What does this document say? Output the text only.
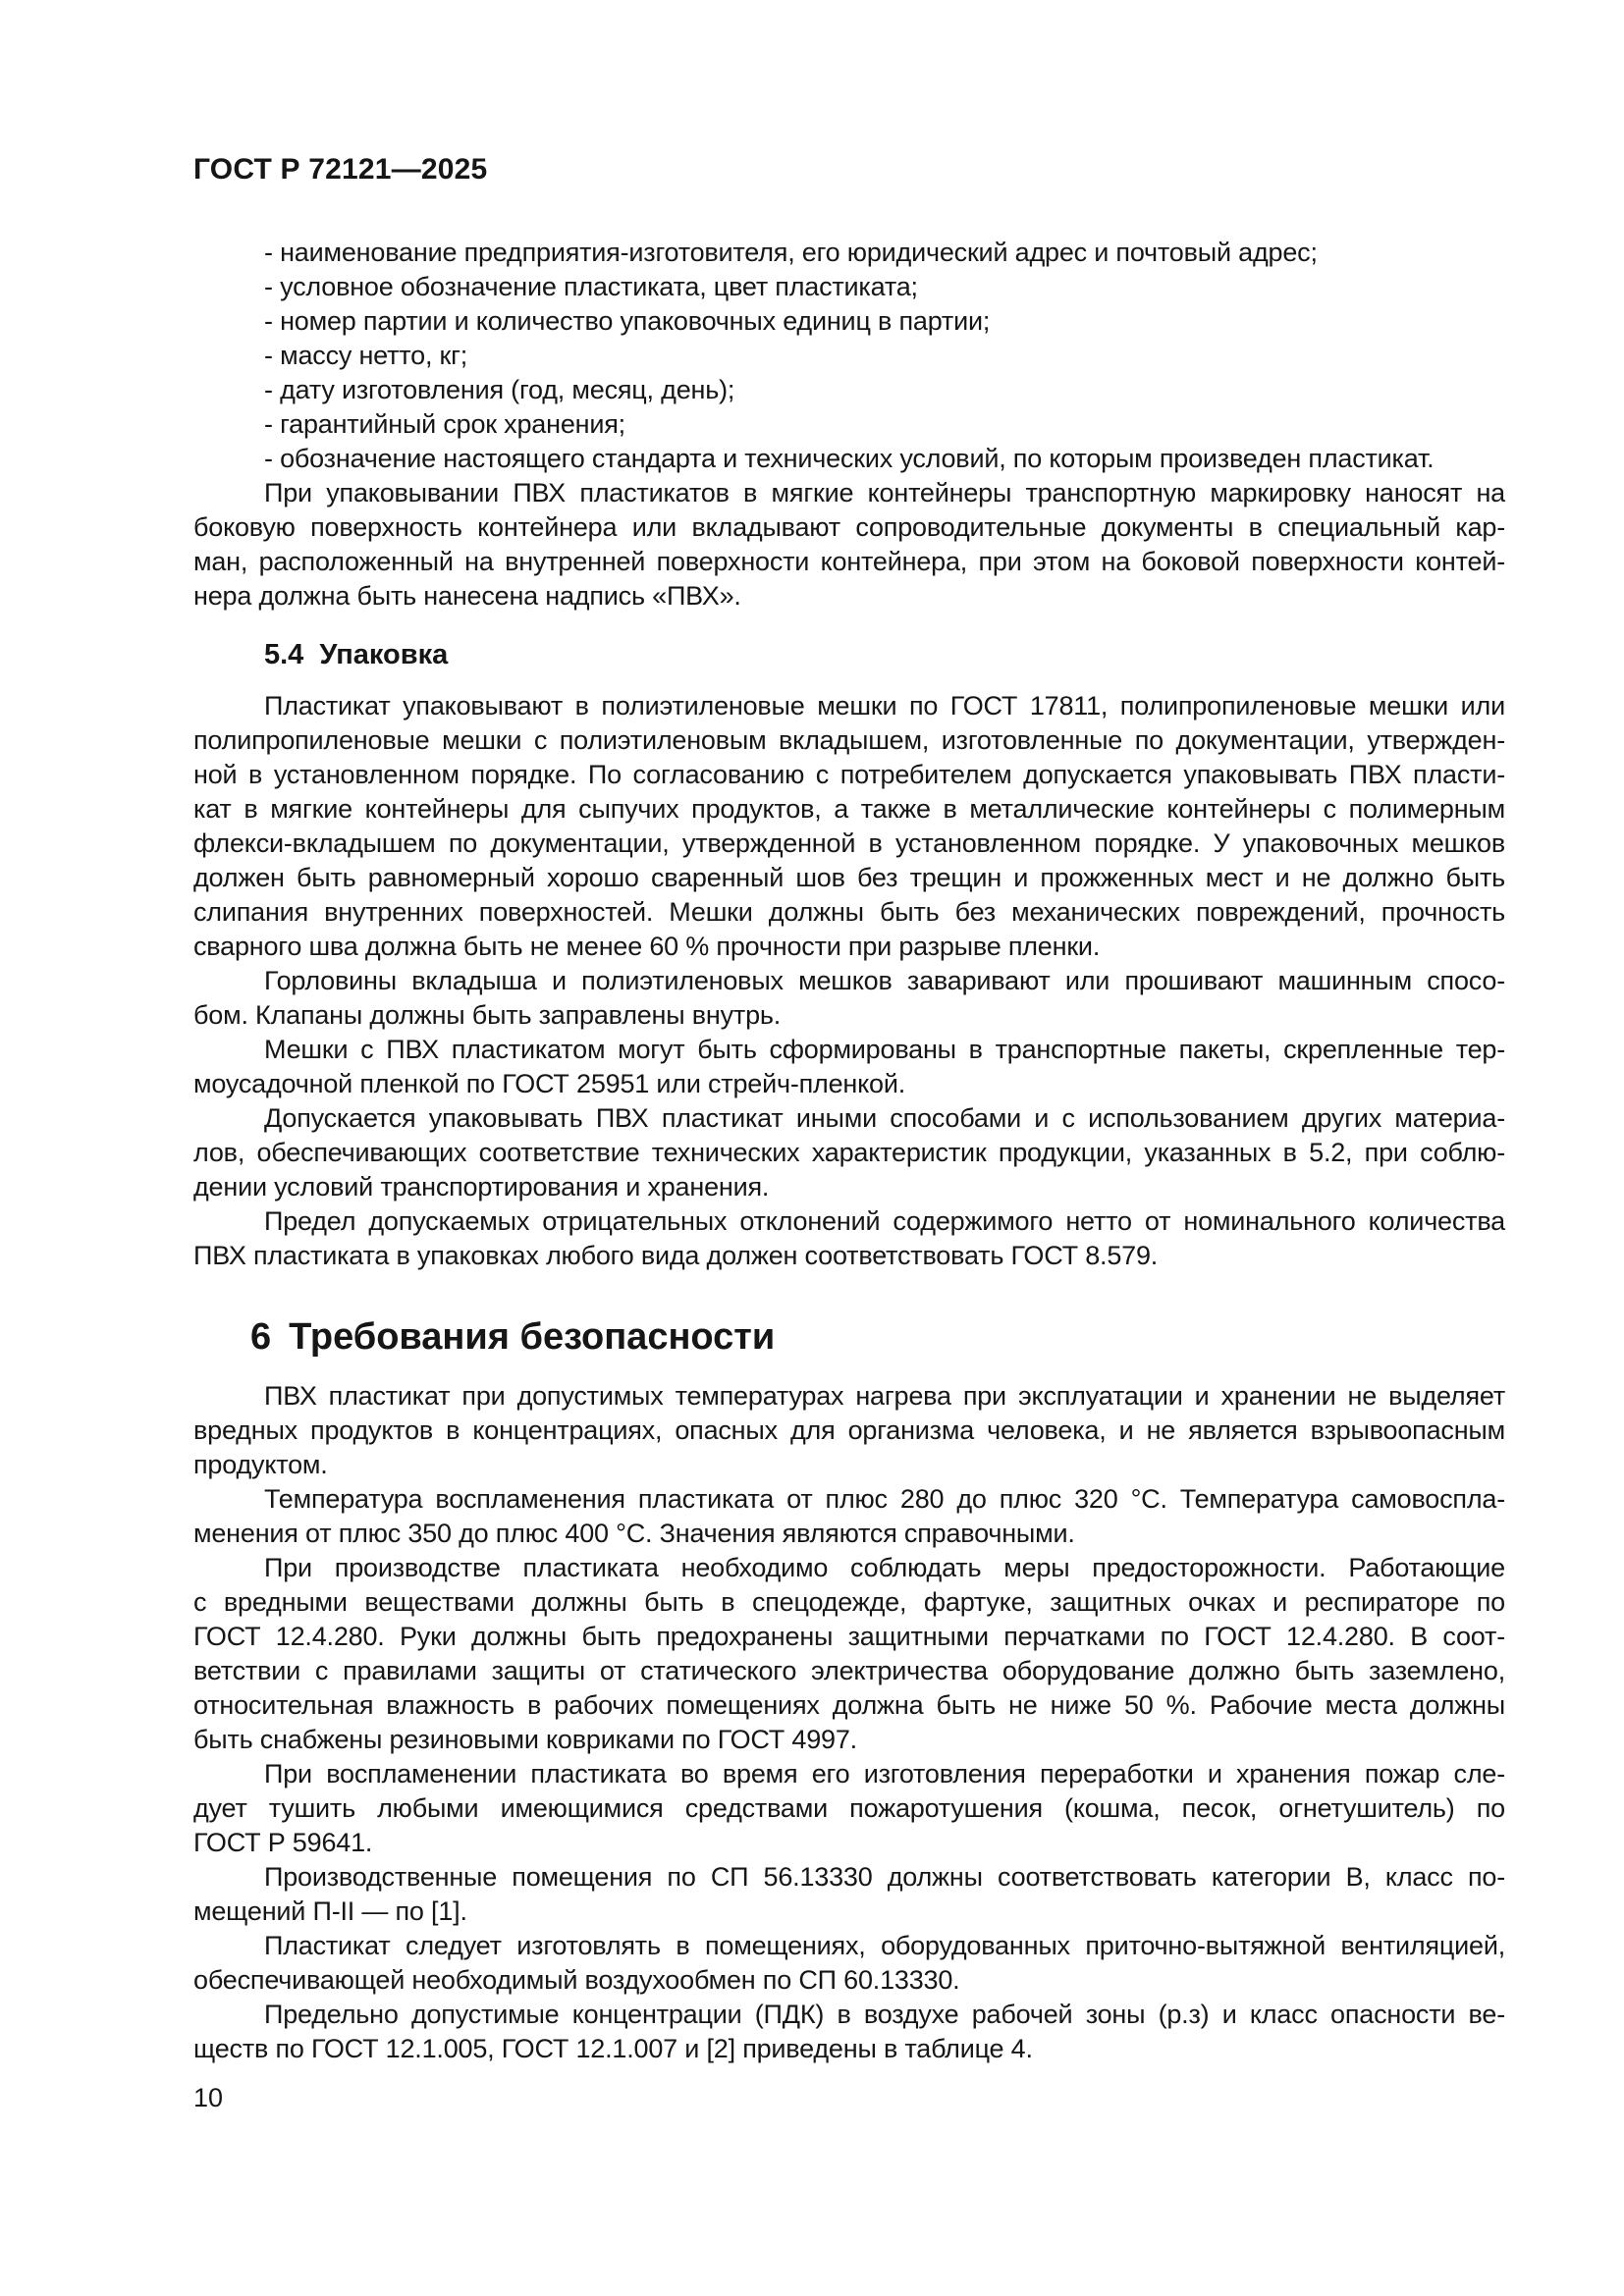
ГОСТ Р 72121—2025
- наименование предприятия-изготовителя, его юридический адрес и почтовый адрес;
- условное обозначение пластиката, цвет пластиката;
- номер партии и количество упаковочных единиц в партии;
- массу нетто, кг;
- дату изготовления (год, месяц, день);
- гарантийный срок хранения;
- обозначение настоящего стандарта и технических условий, по которым произведен пластикат.
При упаковывании ПВХ пластикатов в мягкие контейнеры транспортную маркировку наносят на
боковую поверхность контейнера или вкладывают сопроводительные документы в специальный кар-
ман, расположенный на внутренней поверхности контейнера, при этом на боковой поверхности контей-
нера должна быть нанесена надпись «ПВХ».
5.4 Упаковка
Пластикат упаковывают в полиэтиленовые мешки по ГОСТ 17811, полипропиленовые мешки или
полипропиленовые мешки с полиэтиленовым вкладышем, изготовленные по документации, утвержден-
ной в установленном порядке. По согласованию с потребителем допускается упаковывать ПВХ пласти-
кат в мягкие контейнеры для сыпучих продуктов, а также в металлические контейнеры с полимерным
флекси-вкладышем по документации, утвержденной в установленном порядке. У упаковочных мешков
должен быть равномерный хорошо сваренный шов без трещин и прожженных мест и не должно быть
слипания внутренних поверхностей. Мешки должны быть без механических повреждений, прочность
сварного шва должна быть не менее 60 % прочности при разрыве пленки.
Горловины вкладыша и полиэтиленовых мешков заваривают или прошивают машинным спосо-
бом. Клапаны должны быть заправлены внутрь.
Мешки с ПВХ пластикатом могут быть сформированы в транспортные пакеты, скрепленные тер-
моусадочной пленкой по ГОСТ 25951 или стрейч-пленкой.
Допускается упаковывать ПВХ пластикат иными способами и с использованием других материа-
лов, обеспечивающих соответствие технических характеристик продукции, указанных в 5.2, при соблю-
дении условий транспортирования и хранения.
Предел допускаемых отрицательных отклонений содержимого нетто от номинального количества
ПВХ пластиката в упаковках любого вида должен соответствовать ГОСТ 8.579.
6 Требования безопасности
ПВХ пластикат при допустимых температурах нагрева при эксплуатации и хранении не выделяет
вредных продуктов в концентрациях, опасных для организма человека, и не является взрывоопасным
продуктом.
Температура воспламенения пластиката от плюс 280 до плюс 320 °С. Температура самовоспла-
менения от плюс 350 до плюс 400 °С. Значения являются справочными.
При производстве пластиката необходимо соблюдать меры предосторожности. Работающие
с вредными веществами должны быть в спецодежде, фартуке, защитных очках и респираторе по
ГОСТ 12.4.280. Руки должны быть предохранены защитными перчатками по ГОСТ 12.4.280. В соот-
ветствии с правилами защиты от статического электричества оборудование должно быть заземлено,
относительная влажность в рабочих помещениях должна быть не ниже 50 %. Рабочие места должны
быть снабжены резиновыми ковриками по ГОСТ 4997.
При воспламенении пластиката во время его изготовления переработки и хранения пожар сле-
дует тушить любыми имеющимися средствами пожаротушения (кошма, песок, огнетушитель) по
ГОСТ Р 59641.
Производственные помещения по СП 56.13330 должны соответствовать категории В, класс по-
мещений П-II — по [1].
Пластикат следует изготовлять в помещениях, оборудованных приточно-вытяжной вентиляцией,
обеспечивающей необходимый воздухообмен по СП 60.13330.
Предельно допустимые концентрации (ПДК) в воздухе рабочей зоны (р.з) и класс опасности ве-
ществ по ГОСТ 12.1.005, ГОСТ 12.1.007 и [2] приведены в таблице 4.
10
